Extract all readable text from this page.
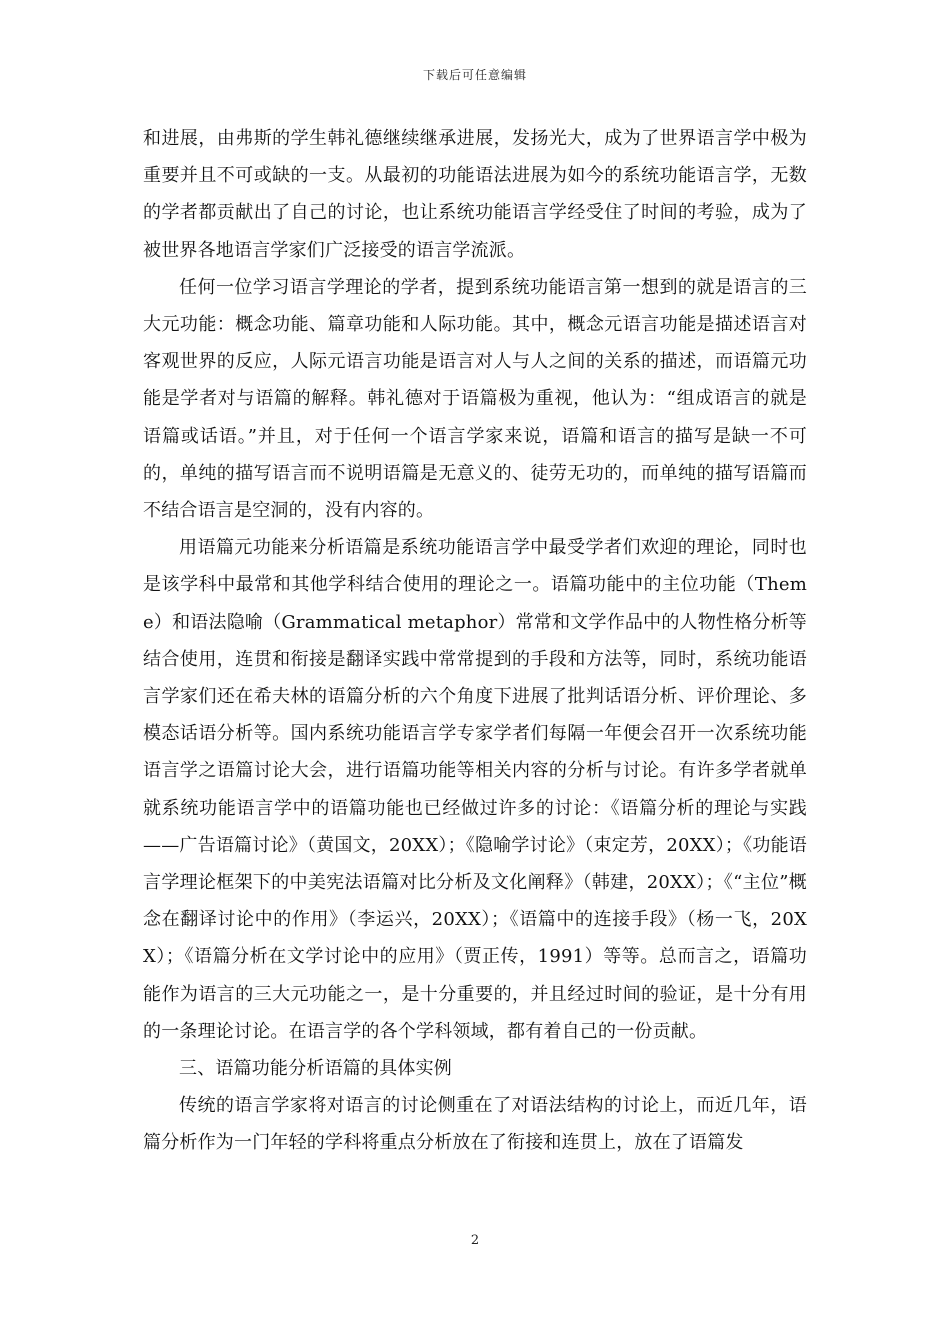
下载后可任意编辑

和进展，由弗斯的学生韩礼德继续继承进展，发扬光大，成为了世界语言学中极为重要并且不可或缺的一支。从最初的功能语法进展为如今的系统功能语言学，无数的学者都贡献出了自己的讨论，也让系统功能语言学经受住了时间的考验，成为了被世界各地语言学家们广泛接受的语言学流派。

任何一位学习语言学理论的学者，提到系统功能语言第一想到的就是语言的三大元功能：概念功能、篇章功能和人际功能。其中，概念元语言功能是描述语言对客观世界的反应，人际元语言功能是语言对人与人之间的关系的描述，而语篇元功能是学者对与语篇的解释。韩礼德对于语篇极为重视，他认为：“组成语言的就是语篇或话语。”并且，对于任何一个语言学家来说，语篇和语言的描写是缺一不可的，单纯的描写语言而不说明语篇是无意义的、徒劳无功的，而单纯的描写语篇而不结合语言是空洞的，没有内容的。

用语篇元功能来分析语篇是系统功能语言学中最受学者们欢迎的理论，同时也是该学科中最常和其他学科结合使用的理论之一。语篇功能中的主位功能（Theme）和语法隐喻（Grammatical metaphor）常常和文学作品中的人物性格分析等结合使用，连贯和衔接是翻译实践中常常提到的手段和方法等，同时，系统功能语言学家们还在希夫林的语篇分析的六个角度下进展了批判话语分析、评价理论、多模态话语分析等。国内系统功能语言学专家学者们每隔一年便会召开一次系统功能语言学之语篇讨论大会，进行语篇功能等相关内容的分析与讨论。有许多学者就单就系统功能语言学中的语篇功能也已经做过许多的讨论：《语篇分析的理论与实践——广告语篇讨论》（黄国文，20XX）；《隐喻学讨论》（束定芳，20XX）；《功能语言学理论框架下的中美宪法语篇对比分析及文化阐释》（韩建，20XX）；《“主位”概念在翻译讨论中的作用》（李运兴，20XX）；《语篇中的连接手段》（杨一飞，20XX）；《语篇分析在文学讨论中的应用》（贾正传，1991）等等。总而言之，语篇功能作为语言的三大元功能之一，是十分重要的，并且经过时间的验证，是十分有用的一条理论讨论。在语言学的各个学科领域，都有着自己的一份贡献。

三、语篇功能分析语篇的具体实例

传统的语言学家将对语言的讨论侧重在了对语法结构的讨论上，而近几年，语篇分析作为一门年轻的学科将重点分析放在了衔接和连贯上，放在了语篇发

2
